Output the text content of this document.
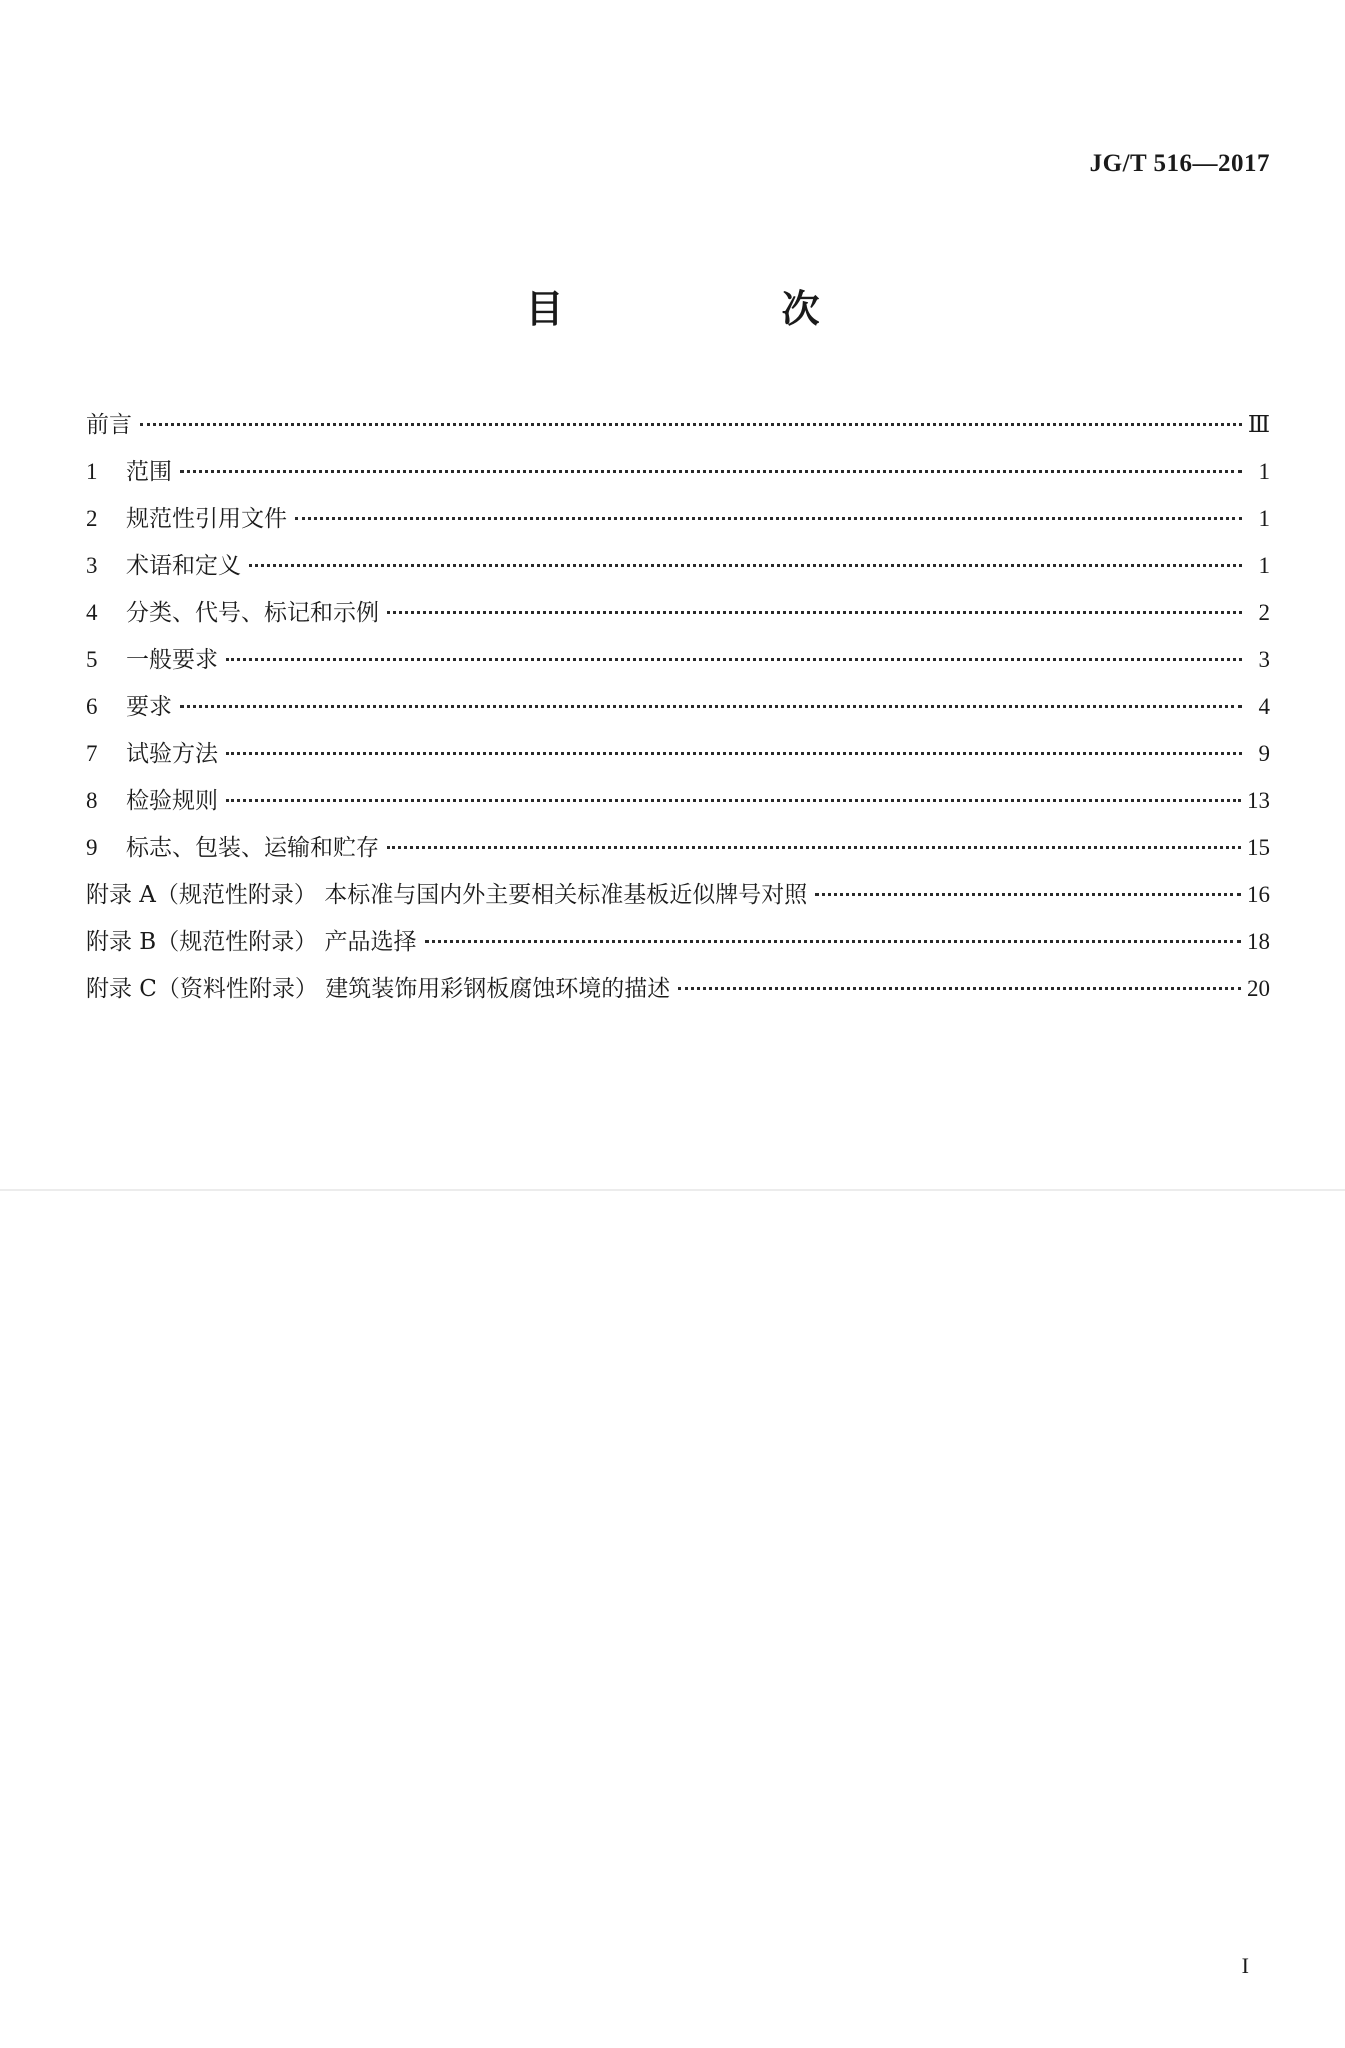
JG/T 516—2017
目　次
前言	Ⅲ
1	范围	1
2	规范性引用文件	1
3	术语和定义	1
4	分类、代号、标记和示例	2
5	一般要求	3
6	要求	4
7	试验方法	9
8	检验规则	13
9	标志、包装、运输和贮存	15
附录 A（规范性附录） 本标准与国内外主要相关标准基板近似牌号对照	16
附录 B（规范性附录） 产品选择	18
附录 C（资料性附录） 建筑装饰用彩钢板腐蚀环境的描述	20
I
